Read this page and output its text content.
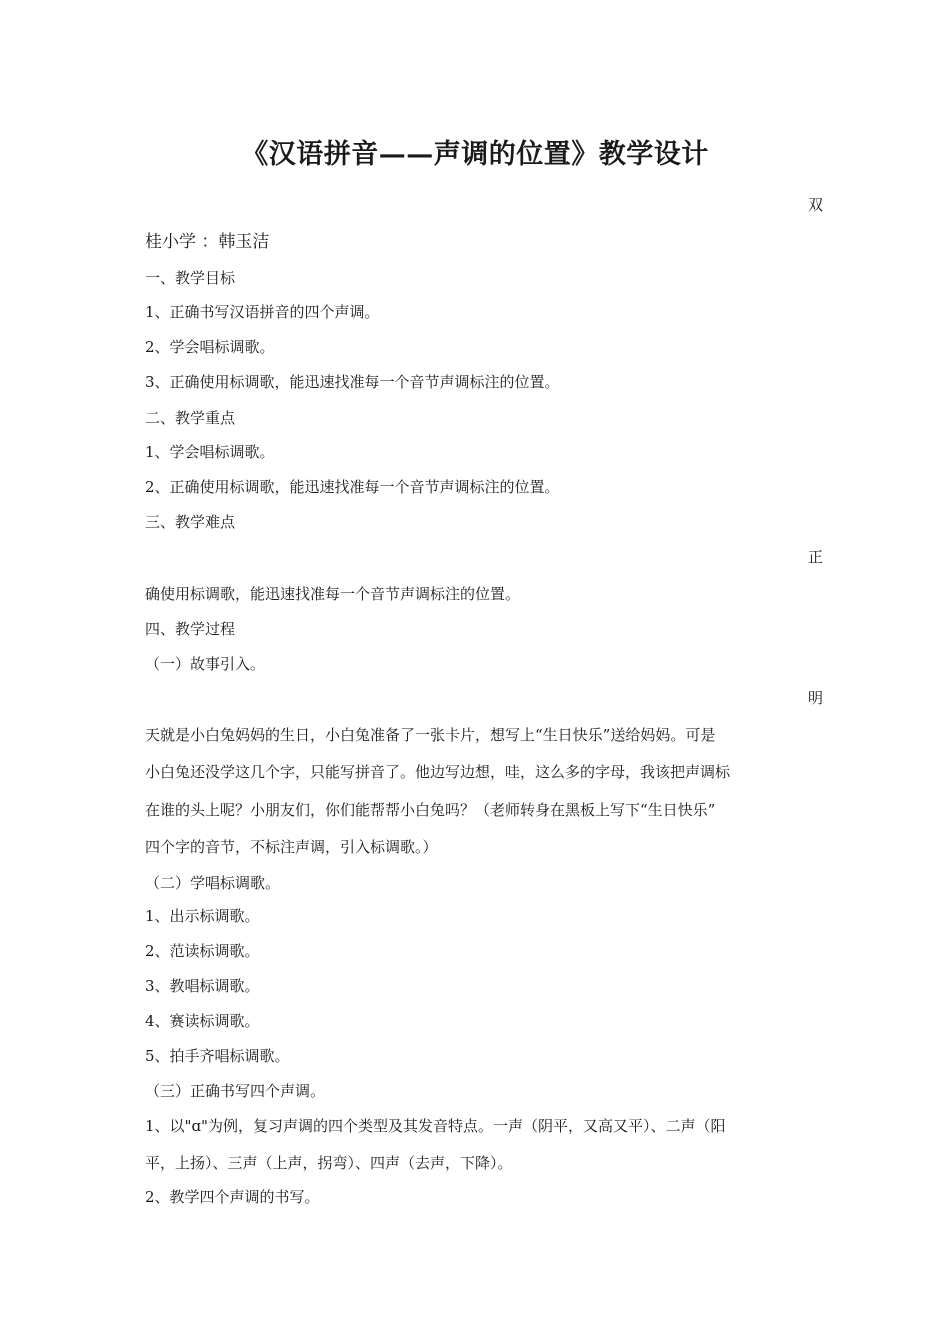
《汉语拼音——声调的位置》教学设计
双
桂小学 ：韩玉洁
一、教学目标
1、正确书写汉语拼音的四个声调。
2、学会唱标调歌。
3、正确使用标调歌，能迅速找准每一个音节声调标注的位置。
二、教学重点
1、学会唱标调歌。
2、正确使用标调歌，能迅速找准每一个音节声调标注的位置。
三、教学难点
正
确使用标调歌，能迅速找准每一个音节声调标注的位置。
四、教学过程
（一）故事引入。
明
天就是小白兔妈妈的生日，小白兔准备了一张卡片，想写上“生日快乐”送给妈妈。可是
小白兔还没学这几个字，只能写拼音了。他边写边想，哇，这么多的字母，我该把声调标
在谁的头上呢？小朋友们，你们能帮帮小白兔吗？（老师转身在黑板上写下“生日快乐”
四个字的音节，不标注声调，引入标调歌。）
（二）学唱标调歌。
1、出示标调歌。
2、范读标调歌。
3、教唱标调歌。
4、赛读标调歌。
5、拍手齐唱标调歌。
（三）正确书写四个声调。
1、以"ɑ"为例，复习声调的四个类型及其发音特点。一声（阴平，又高又平）、二声（阳
平，上扬）、三声（上声，拐弯）、四声（去声，下降）。
2、教学四个声调的书写。
